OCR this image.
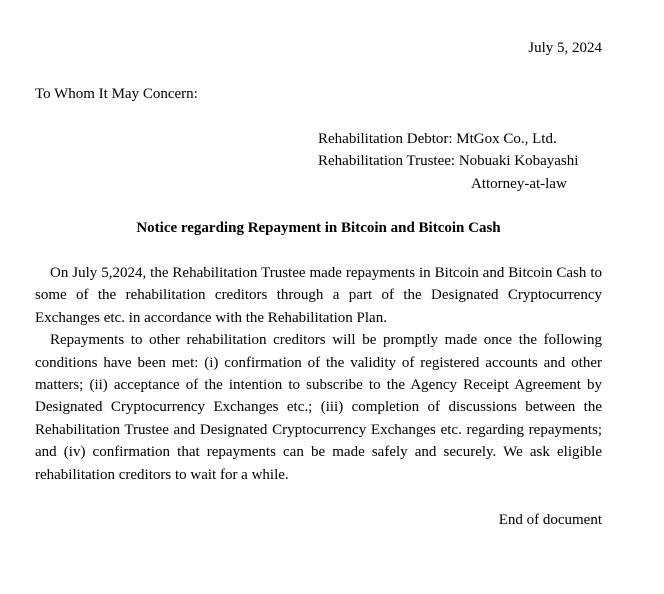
July 5, 2024
To Whom It May Concern:
Rehabilitation Debtor: MtGox Co., Ltd.
Rehabilitation Trustee: Nobuaki Kobayashi
Attorney-at-law
Notice regarding Repayment in Bitcoin and Bitcoin Cash

On July 5,2024, the Rehabilitation Trustee made repayments in Bitcoin and Bitcoin Cash to some of the rehabilitation creditors through a part of the Designated Cryptocurrency Exchanges etc. in accordance with the Rehabilitation Plan.

Repayments to other rehabilitation creditors will be promptly made once the following conditions have been met: (i) confirmation of the validity of registered accounts and other matters; (ii) acceptance of the intention to subscribe to the Agency Receipt Agreement by Designated Cryptocurrency Exchanges etc.; (iii) completion of discussions between the Rehabilitation Trustee and Designated Cryptocurrency Exchanges etc. regarding repayments; and (iv) confirmation that repayments can be made safely and securely. We ask eligible rehabilitation creditors to wait for a while.

End of document
